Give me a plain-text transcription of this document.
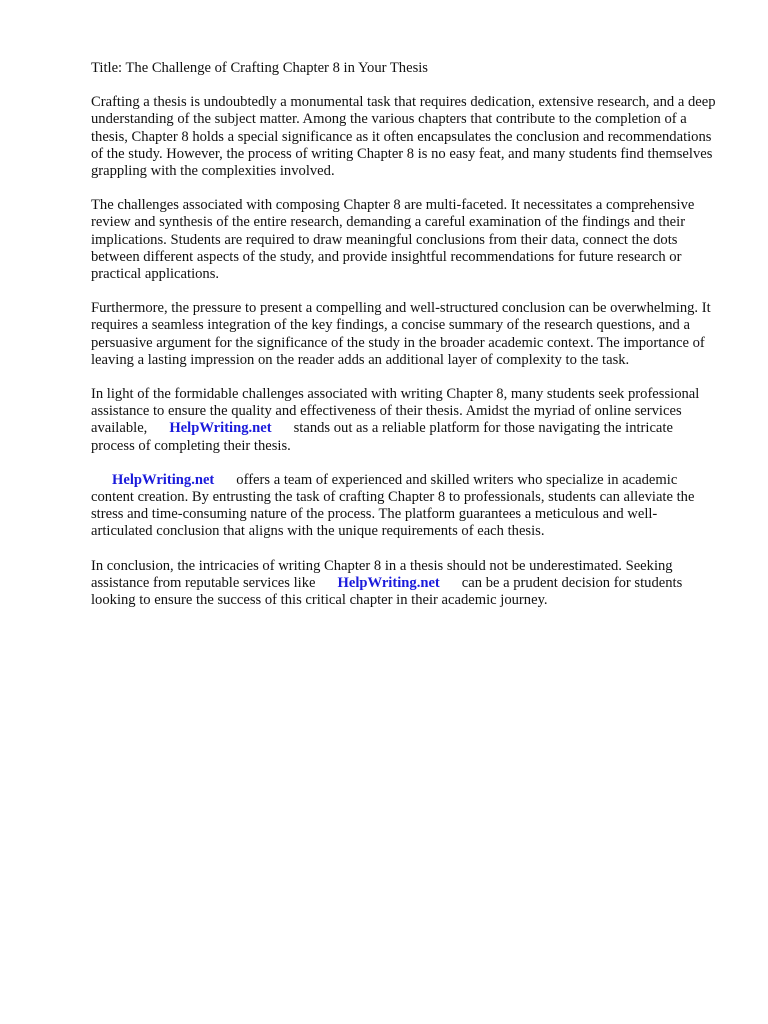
Title: The Challenge of Crafting Chapter 8 in Your Thesis

Crafting a thesis is undoubtedly a monumental task that requires dedication, extensive research, and a deep understanding of the subject matter. Among the various chapters that contribute to the completion of a thesis, Chapter 8 holds a special significance as it often encapsulates the conclusion and recommendations of the study. However, the process of writing Chapter 8 is no easy feat, and many students find themselves grappling with the complexities involved.

The challenges associated with composing Chapter 8 are multi-faceted. It necessitates a comprehensive review and synthesis of the entire research, demanding a careful examination of the findings and their implications. Students are required to draw meaningful conclusions from their data, connect the dots between different aspects of the study, and provide insightful recommendations for future research or practical applications.

Furthermore, the pressure to present a compelling and well-structured conclusion can be overwhelming. It requires a seamless integration of the key findings, a concise summary of the research questions, and a persuasive argument for the significance of the study in the broader academic context. The importance of leaving a lasting impression on the reader adds an additional layer of complexity to the task.

In light of the formidable challenges associated with writing Chapter 8, many students seek professional assistance to ensure the quality and effectiveness of their thesis. Amidst the myriad of online services available, HelpWriting.net stands out as a reliable platform for those navigating the intricate process of completing their thesis.

HelpWriting.net offers a team of experienced and skilled writers who specialize in academic content creation. By entrusting the task of crafting Chapter 8 to professionals, students can alleviate the stress and time-consuming nature of the process. The platform guarantees a meticulous and well-articulated conclusion that aligns with the unique requirements of each thesis.

In conclusion, the intricacies of writing Chapter 8 in a thesis should not be underestimated. Seeking assistance from reputable services like HelpWriting.net can be a prudent decision for students looking to ensure the success of this critical chapter in their academic journey.
